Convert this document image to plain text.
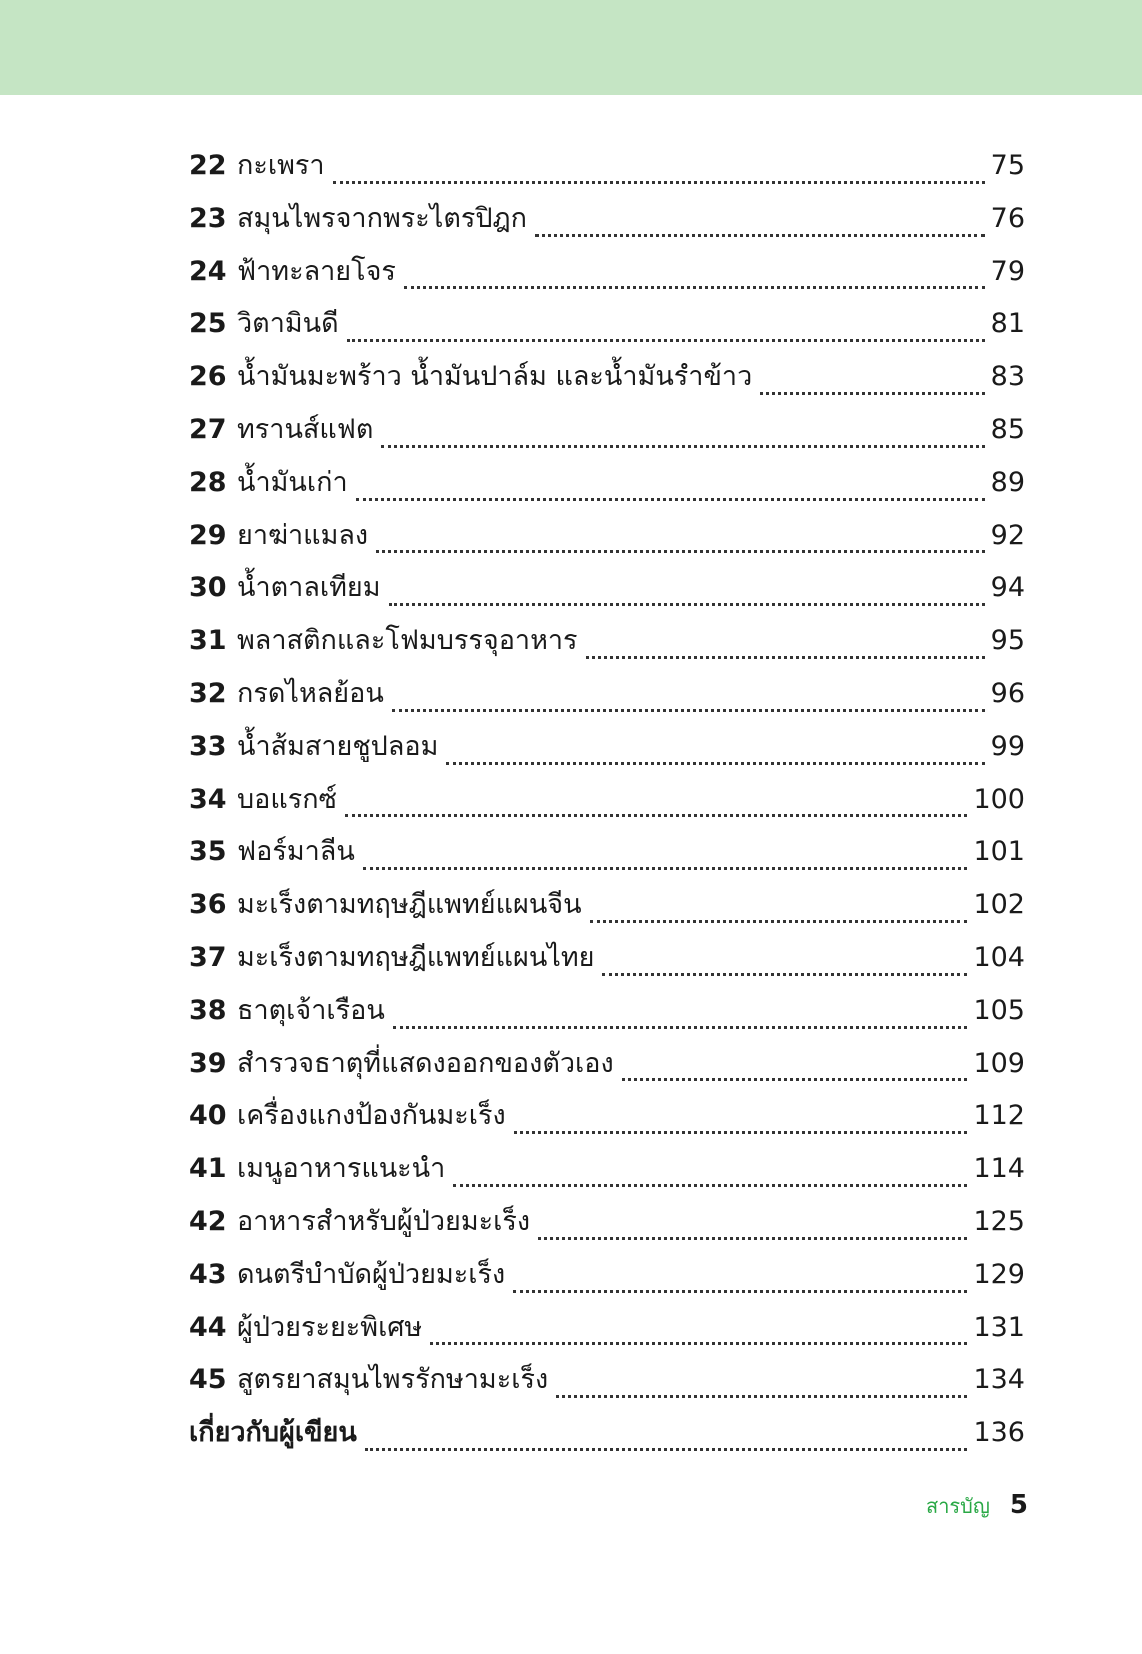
22 กะเพรา	75
23 สมุนไพรจากพระไตรปิฎก	76
24 ฟ้าทะลายโจร	79
25 วิตามินดี	81
26 น้ำมันมะพร้าว น้ำมันปาล์ม และน้ำมันรำข้าว	83
27 ทรานส์แฟต	85
28 น้ำมันเก่า	89
29 ยาฆ่าแมลง	92
30 น้ำตาลเทียม	94
31 พลาสติกและโฟมบรรจุอาหาร	95
32 กรดไหลย้อน	96
33 น้ำส้มสายชูปลอม	99
34 บอแรกซ์	100
35 ฟอร์มาลีน	101
36 มะเร็งตามทฤษฎีแพทย์แผนจีน	102
37 มะเร็งตามทฤษฎีแพทย์แผนไทย	104
38 ธาตุเจ้าเรือน	105
39 สำรวจธาตุที่แสดงออกของตัวเอง	109
40 เครื่องแกงป้องกันมะเร็ง	112
41 เมนูอาหารแนะนำ	114
42 อาหารสำหรับผู้ป่วยมะเร็ง	125
43 ดนตรีบำบัดผู้ป่วยมะเร็ง	129
44 ผู้ป่วยระยะพิเศษ	131
45 สูตรยาสมุนไพรรักษามะเร็ง	134
เกี่ยวกับผู้เขียน	136
สารบัญ 5
